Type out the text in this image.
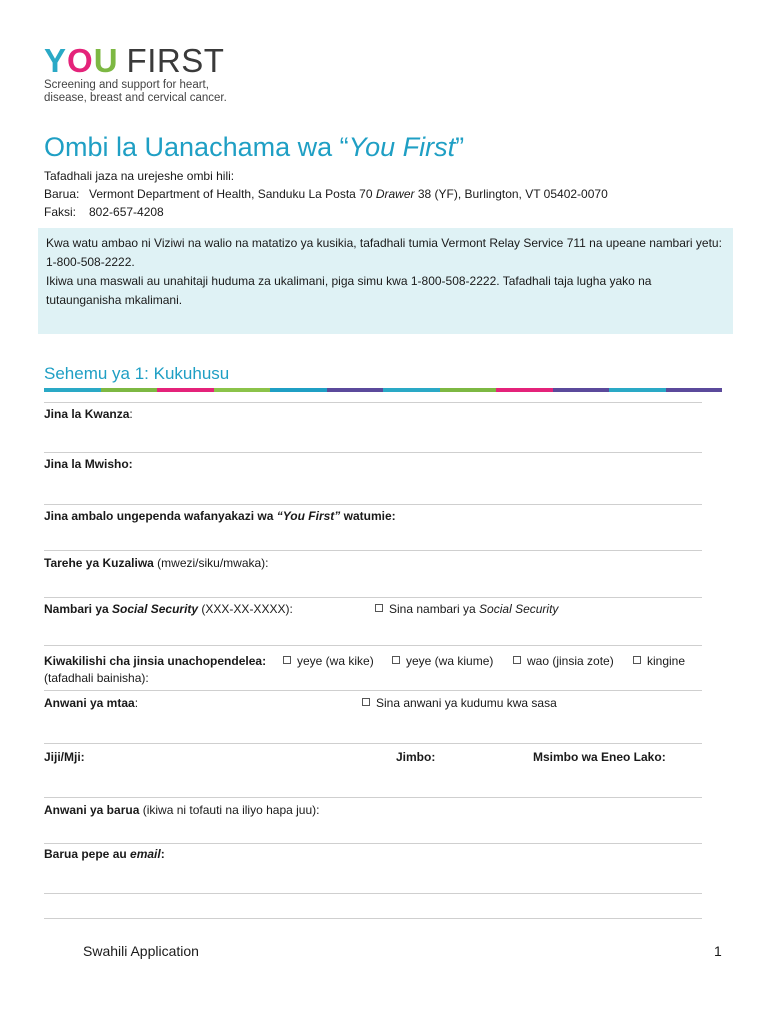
YOU FIRST
Screening and support for heart,
disease, breast and cervical cancer.
Ombi la Uanachama wa “You First”
Tafadhali jaza na urejeshe ombi hili:
Barua: Vermont Department of Health, Sanduku La Posta 70 Drawer 38 (YF), Burlington, VT 05402-0070
Faksi: 802-657-4208

Kwa watu ambao ni Viziwi na walio na matatizo ya kusikia, tafadhali tumia Vermont Relay Service 711 na upeane nambari yetu: 1-800-508-2222.

Ikiwa una maswali au unahitaji huduma za ukalimani, piga simu kwa 1-800-508-2222. Tafadhali taja lugha yako na tutaunganisha mkalimani.

Sehemu ya 1: Kukuhusu
Jina la Kwanza:
Jina la Mwisho:
Jina ambalo ungependa wafanyakazi wa “You First” watumie:
Tarehe ya Kuzaliwa (mwezi/siku/mwaka):
Nambari ya Social Security (XXX-XX-XXXX):	Sina nambari ya Social Security
Kiwakilishi cha jinsia unachopendelea:
(tafadhali bainisha):
yeye (wa kike)	yeye (wa kiume)	wao (jinsia zote)	kingine
Anwani ya mtaa:	Sina anwani ya kudumu kwa sasa
Jiji/Mji:	Jimbo:	Msimbo wa Eneo Lako:
Anwani ya barua (ikiwa ni tofauti na iliyo hapa juu):
Barua pepe au email:
Swahili Application	1
